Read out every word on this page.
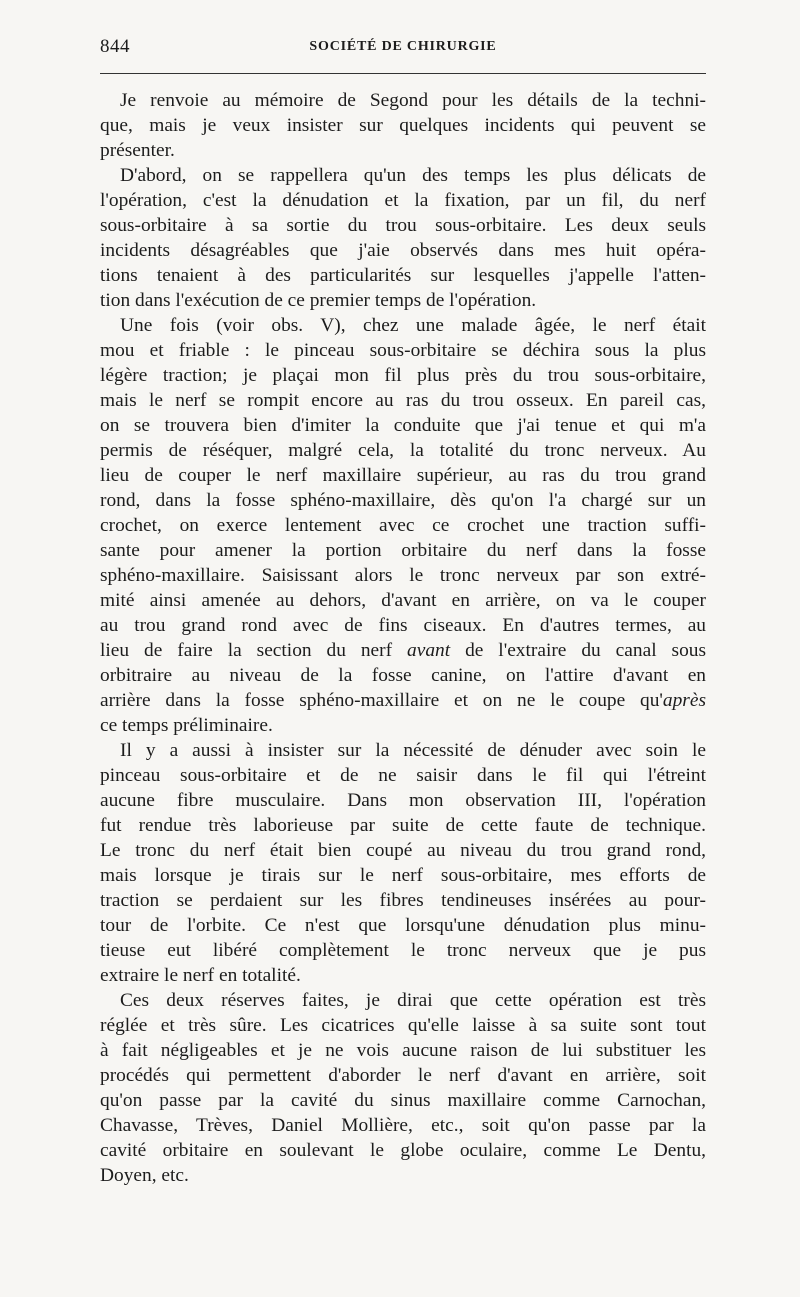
844	SOCIÉTÉ DE CHIRURGIE
Je renvoie au mémoire de Segond pour les détails de la techni-
que, mais je veux insister sur quelques incidents qui peuvent se
présenter.
D'abord, on se rappellera qu'un des temps les plus délicats de
l'opération, c'est la dénudation et la fixation, par un fil, du nerf
sous-orbitaire à sa sortie du trou sous-orbitaire. Les deux seuls
incidents désagréables que j'aie observés dans mes huit opéra-
tions tenaient à des particularités sur lesquelles j'appelle l'atten-
tion dans l'exécution de ce premier temps de l'opération.
Une fois (voir obs. V), chez une malade âgée, le nerf était
mou et friable : le pinceau sous-orbitaire se déchira sous la plus
légère traction; je plaçai mon fil plus près du trou sous-orbitaire,
mais le nerf se rompit encore au ras du trou osseux. En pareil cas,
on se trouvera bien d'imiter la conduite que j'ai tenue et qui m'a
permis de réséquer, malgré cela, la totalité du tronc nerveux. Au
lieu de couper le nerf maxillaire supérieur, au ras du trou grand
rond, dans la fosse sphéno-maxillaire, dès qu'on l'a chargé sur un
crochet, on exerce lentement avec ce crochet une traction suffi-
sante pour amener la portion orbitaire du nerf dans la fosse
sphéno-maxillaire. Saisissant alors le tronc nerveux par son extré-
mité ainsi amenée au dehors, d'avant en arrière, on va le couper
au trou grand rond avec de fins ciseaux. En d'autres termes, au
lieu de faire la section du nerf avant de l'extraire du canal sous
orbitraire au niveau de la fosse canine, on l'attire d'avant en
arrière dans la fosse sphéno-maxillaire et on ne le coupe qu'après
ce temps préliminaire.
Il y a aussi à insister sur la nécessité de dénuder avec soin le
pinceau sous-orbitaire et de ne saisir dans le fil qui l'étreint
aucune fibre musculaire. Dans mon observation III, l'opération
fut rendue très laborieuse par suite de cette faute de technique.
Le tronc du nerf était bien coupé au niveau du trou grand rond,
mais lorsque je tirais sur le nerf sous-orbitaire, mes efforts de
traction se perdaient sur les fibres tendineuses insérées au pour-
tour de l'orbite. Ce n'est que lorsqu'une dénudation plus minu-
tieuse eut libéré complètement le tronc nerveux que je pus
extraire le nerf en totalité.
Ces deux réserves faites, je dirai que cette opération est très
réglée et très sûre. Les cicatrices qu'elle laisse à sa suite sont tout
à fait négligeables et je ne vois aucune raison de lui substituer les
procédés qui permettent d'aborder le nerf d'avant en arrière, soit
qu'on passe par la cavité du sinus maxillaire comme Carnochan,
Chavasse, Trèves, Daniel Mollière, etc., soit qu'on passe par la
cavité orbitaire en soulevant le globe oculaire, comme Le Dentu,
Doyen, etc.
